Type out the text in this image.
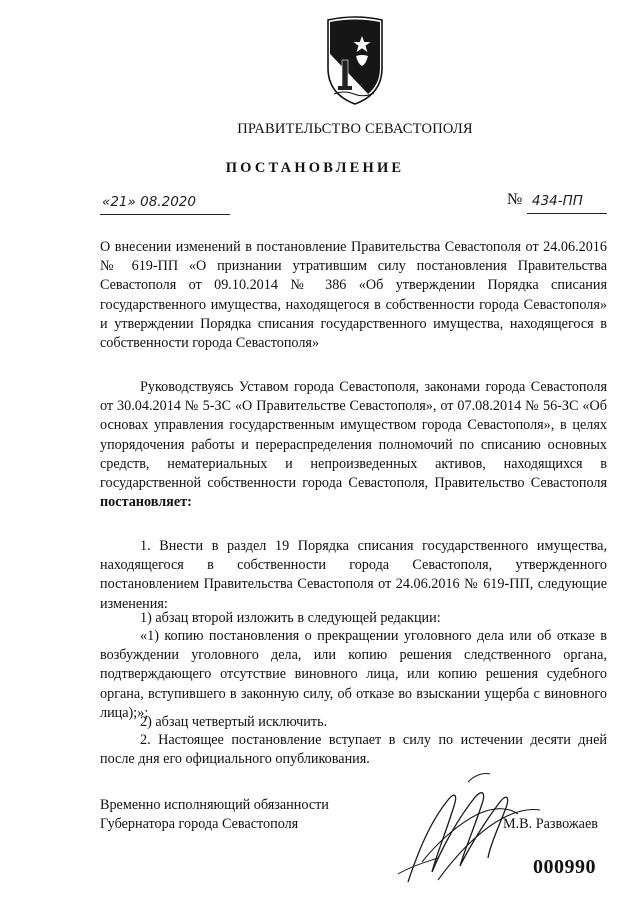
ПРАВИТЕЛЬСТВО СЕВАСТОПОЛЯ
ПОСТАНОВЛЕНИЕ
«21» 08.2020	№ 434-ПП
О внесении изменений в постановление Правительства Севастополя от 24.06.2016 № 619-ПП «О признании утратившим силу постановления Правительства Севастополя от 09.10.2014 № 386 «Об утверждении Порядка списания государственного имущества, находящегося в собственности города Севастополя» и утверждении Порядка списания государственного имущества, находящегося в собственности города Севастополя»
Руководствуясь Уставом города Севастополя, законами города Севастополя от 30.04.2014 № 5-ЗС «О Правительстве Севастополя», от 07.08.2014 № 56-ЗС «Об основах управления государственным имуществом города Севастополя», в целях упорядочения работы и перераспределения полномочий по списанию основных средств, нематериальных и непроизведенных активов, находящихся в государственной собственности города Севастополя, Правительство Севастополя постановляет:
1. Внести в раздел 19 Порядка списания государственного имущества, находящегося в собственности города Севастополя, утвержденного постановлением Правительства Севастополя от 24.06.2016 № 619-ПП, следующие изменения:
1) абзац второй изложить в следующей редакции:
«1) копию постановления о прекращении уголовного дела или об отказе в возбуждении уголовного дела, или копию решения следственного органа, подтверждающего отсутствие виновного лица, или копию решения судебного органа, вступившего в законную силу, об отказе во взыскании ущерба с виновного лица);»;
2) абзац четвертый исключить.
2. Настоящее постановление вступает в силу по истечении десяти дней после дня его официального опубликования.
Временно исполняющий обязанности
Губернатора города Севастополя	М.В. Развожаев
000990
